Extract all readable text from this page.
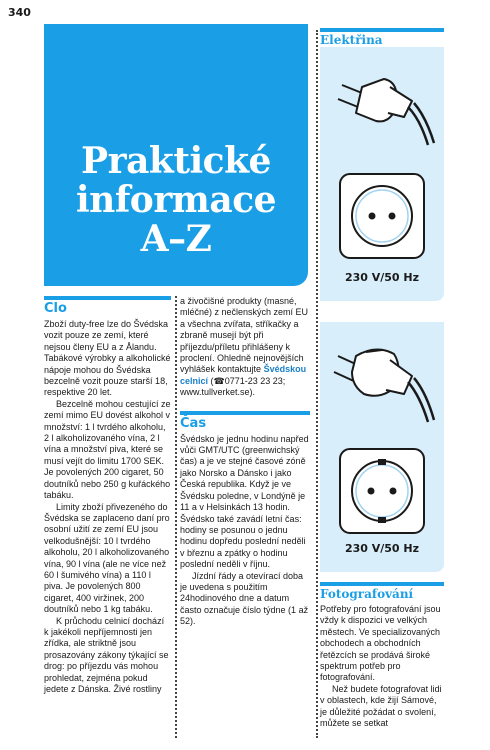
340
Praktické
informace
A–Z
Clo

Zboží duty-free lze do Švédska vozit pouze ze zemí, které nejsou členy EU a z Ålandu. Tabákové výrobky a alkoholické nápoje mohou do Švédska bezcelně vozit pouze starší 18, respektive 20 let.

Bezcelně mohou cestující ze zemí mimo EU dovést alkohol v množství: 1 l tvrdého alkoholu, 2 l alkoholizovaného vína, 2 l vína a množství piva, které se musí vejít do limitu 1700 SEK. Je povolených 200 cigaret, 50 doutníků nebo 250 g kuřáckého tabáku.

Limity zboží přivezeného do Švédska se zaplaceno daní pro osobní užití ze zemí EU jsou velkodušnější: 10 l tvrdého alkoholu, 20 l alkoholizovaného vína, 90 l vína (ale ne více než 60 l šumivého vína) a 110 l piva. Je povolených 800 cigaret, 400 viržinek, 200 doutníků nebo 1 kg tabáku.

K průchodu celnicí dochází k jakékoli nepříjemnosti jen zřídka, ale striktně jsou prosazovány zákony týkající se drog: po příjezdu vás mohou prohledat, zejména pokud jedete z Dánska. Živé rostliny

a živočišné produkty (masné, mléčné) z nečlenských zemí EU a všechna zvířata, stříkačky a zbraně musejí být při příjezdu/příletu přihlášeny k proclení. Ohledně nejnovějších vyhlášek kontaktujte Švédskou celnicí (☎0771-23 23 23; www.tullverket.se).

Čas

Švédsko je jednu hodinu napřed vůči GMT/UTC (greenwichský čas) a je ve stejné časové zóně jako Norsko a Dánsko i jako Česká republika. Když je ve Švédsku poledne, v Londýně je 11 a v Helsinkách 13 hodin. Švédsko také zavádí letní čas: hodiny se posunou o jednu hodinu dopředu poslední neděli v březnu a zpátky o hodinu poslední neděli v říjnu.

Jízdní řády a otevírací doba je uvedena s použitím 24hodinového dne a datum často označuje číslo týdne (1 až 52).

Elektřina
230 V/50 Hz
230 V/50 Hz
Fotografování

Potřeby pro fotografování jsou vždy k dispozici ve velkých městech. Ve specializovaných obchodech a obchodních řetězcích se prodává široké spektrum potřeb pro fotografování.

Než budete fotografovat lidi v oblastech, kde žijí Sámové, je důležité požádat o svolení, můžete se setkat
